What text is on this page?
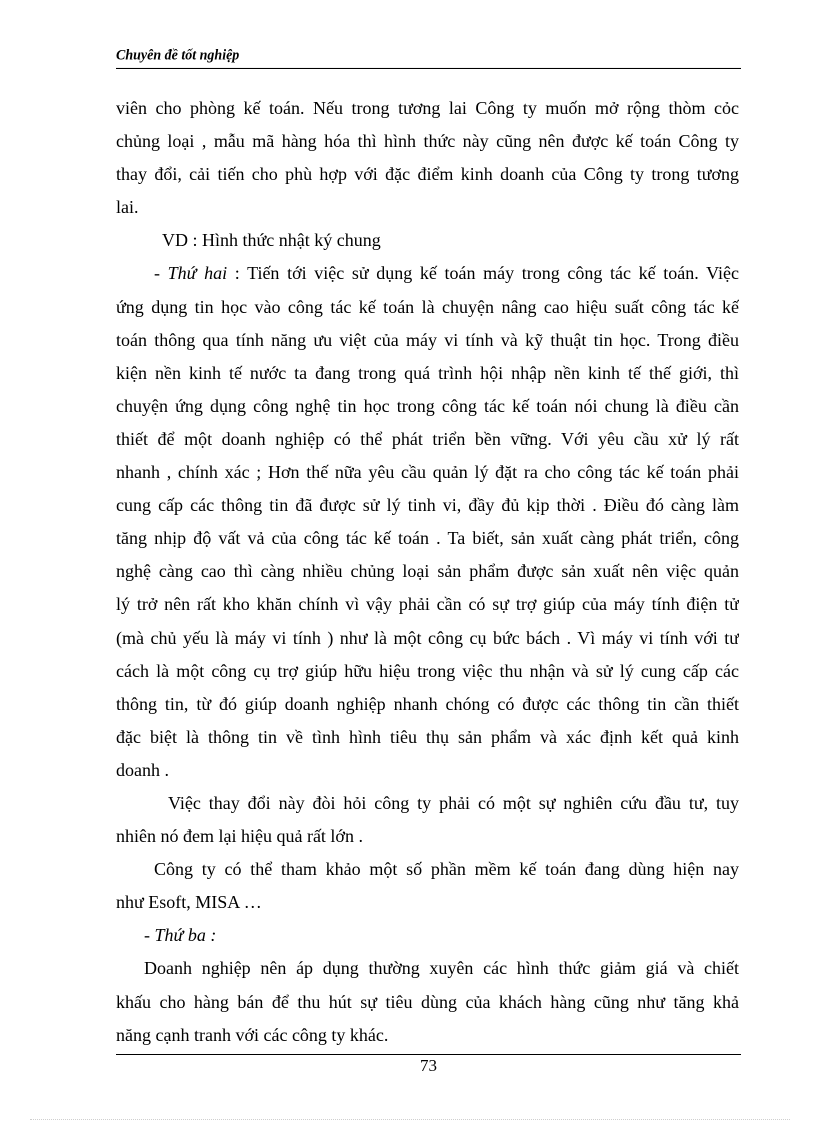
Chuyên đề tốt nghiệp
viên cho phòng kế toán. Nếu trong tương lai Công ty muốn mở rộng thòm cỏc
chủng loại , mẫu mã hàng hóa thì hình thức này cũng nên được kế toán Công ty
thay đổi, cải tiến cho phù hợp với đặc điểm kinh doanh của Công ty trong tương
lai.
VD : Hình thức nhật ký chung
- Thứ hai : Tiến tới việc sử dụng kế toán máy trong công tác kế toán. Việc
ứng dụng tin học vào công tác kế toán là chuyện nâng cao hiệu suất công tác kế
toán thông qua tính năng ưu việt của máy vi tính và kỹ thuật tin học. Trong điều
kiện nền kinh tế nước ta đang trong quá trình hội nhập nền kinh tế thế giới, thì
chuyện ứng dụng công nghệ tin học trong công tác kế toán nói chung là điều cần
thiết để một doanh nghiệp có thể phát triển bền vững. Với yêu cầu xử lý rất
nhanh , chính xác ; Hơn thế nữa yêu cầu quản lý đặt ra cho công tác kế toán phải
cung cấp các thông tin đã được sử lý tinh vi, đầy đủ kịp thời . Điều đó càng làm
tăng nhịp độ vất vả của công tác kế toán . Ta biết, sản xuất càng phát triển, công
nghệ càng cao thì càng nhiều chủng loại sản phẩm được sản xuất nên việc quản
lý trở nên rất kho khăn chính vì vậy phải cần có sự trợ giúp của máy tính điện tử
(mà chủ yếu là máy vi tính ) như là một công cụ bức bách . Vì máy vi tính với tư
cách là một công cụ trợ giúp hữu hiệu trong việc thu nhận và sử lý cung cấp các
thông tin, từ đó giúp doanh nghiệp nhanh chóng có được các thông tin cần thiết
đặc biệt là thông tin về tình hình tiêu thụ sản phẩm và xác định kết quả kinh
doanh .
Việc thay đổi này đòi hỏi công ty phải có một sự nghiên cứu đầu tư, tuy
nhiên nó đem lại hiệu quả rất lớn .
Công ty có thể tham khảo một số phần mềm kế toán đang dùng hiện nay
như Esoft, MISA …
- Thứ ba :
Doanh nghiệp nên áp dụng thường xuyên các hình thức giảm giá và chiết
khấu cho hàng bán để thu hút sự tiêu dùng của khách hàng cũng như tăng khả
năng cạnh tranh với các công ty khác.
73
